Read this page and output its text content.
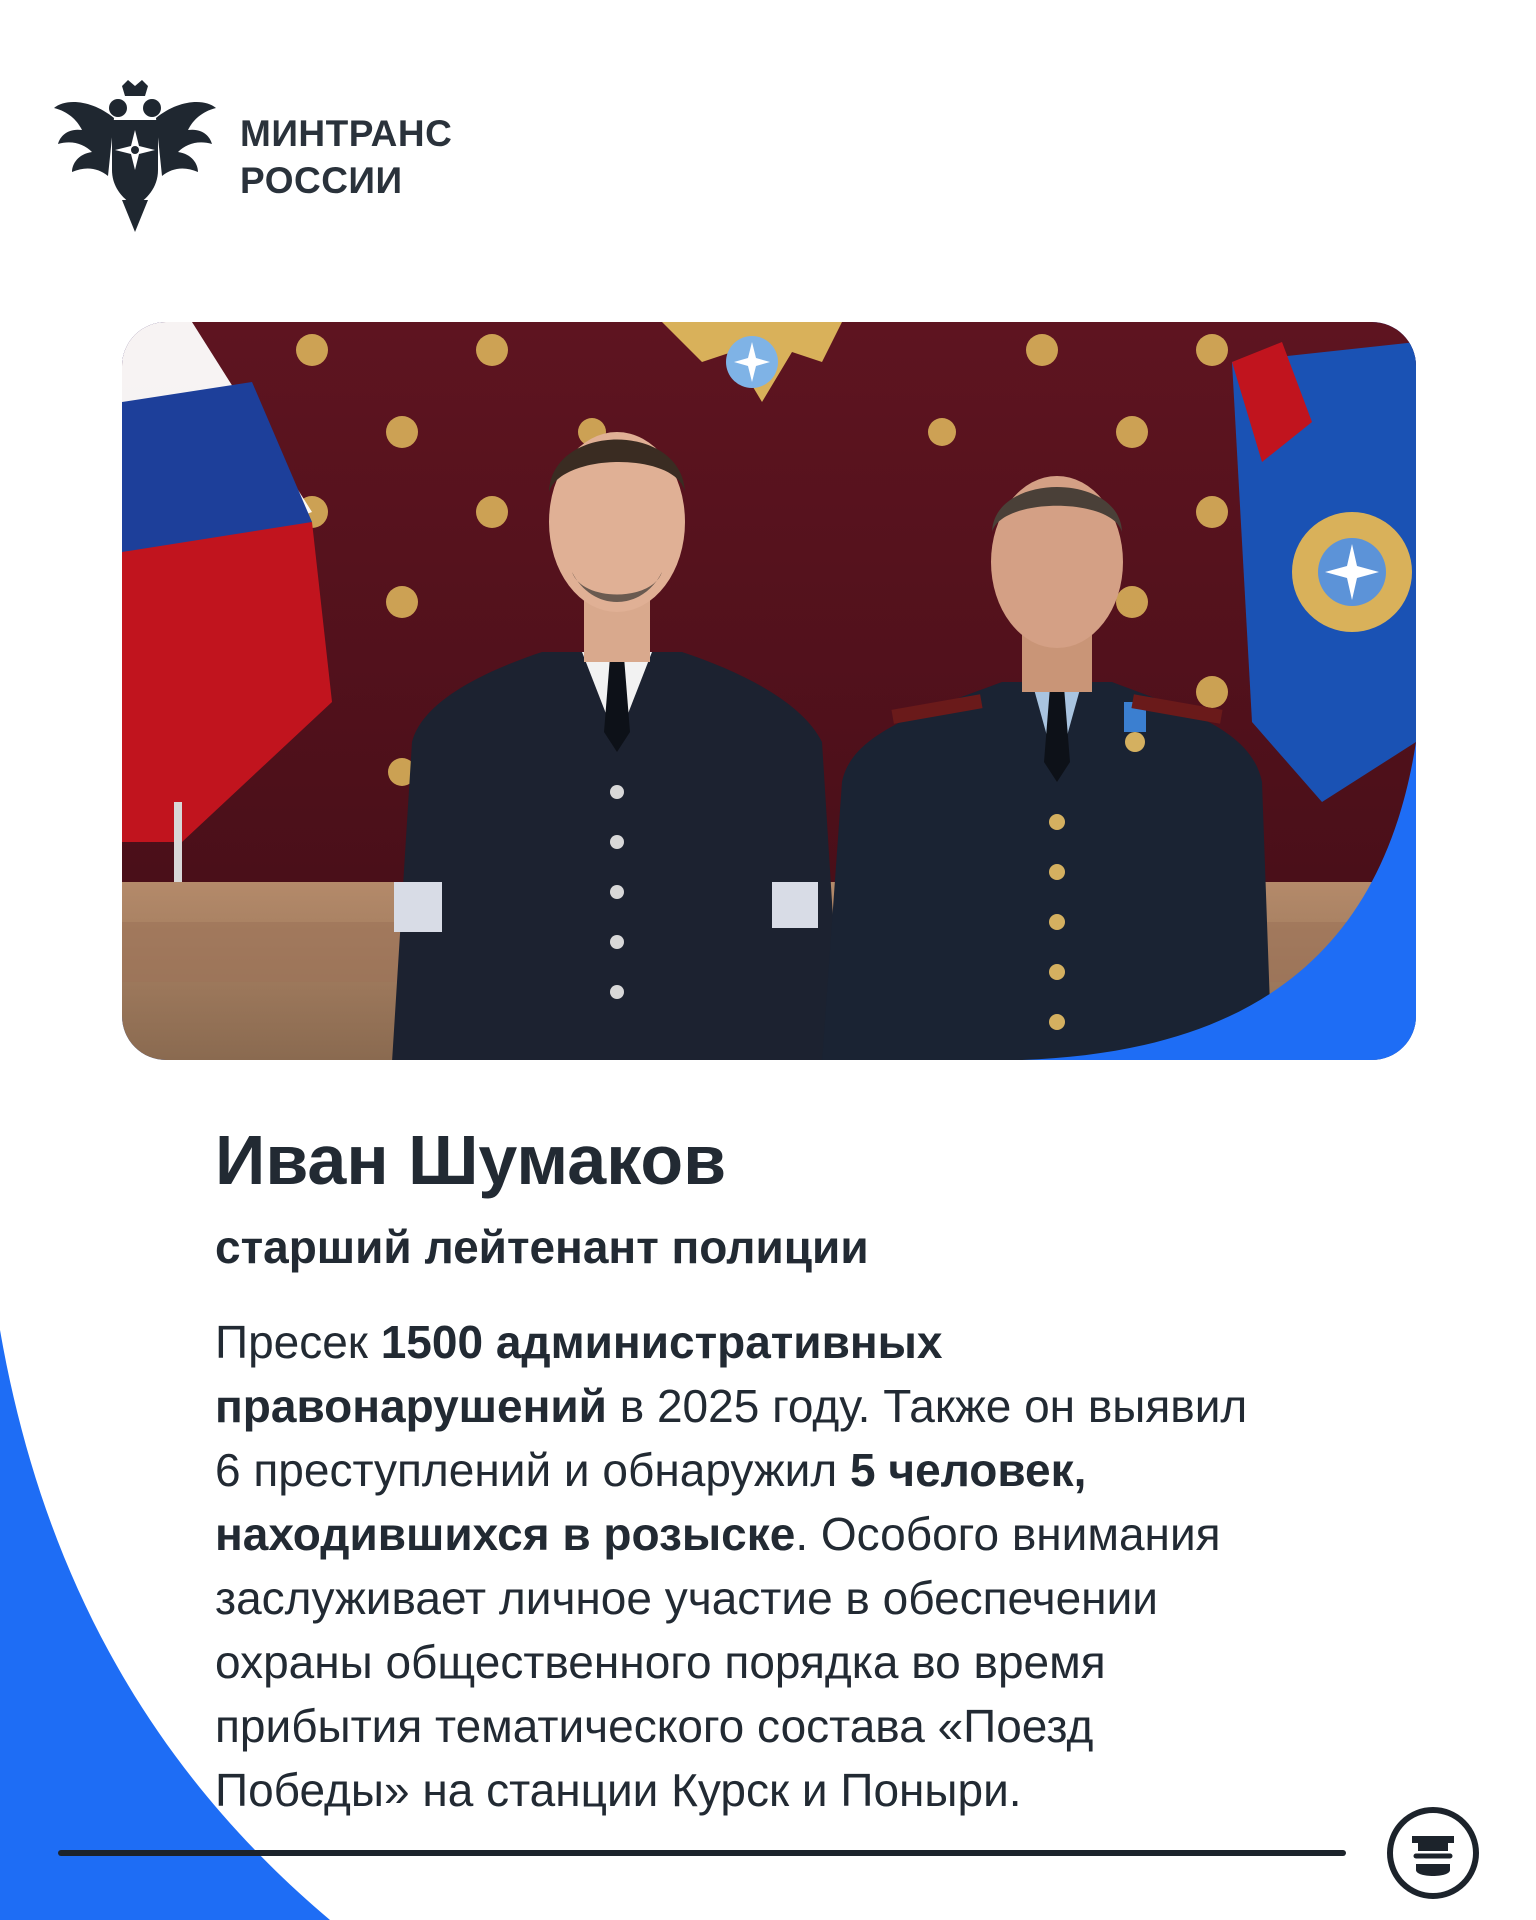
МИНТРАНС
РОССИИ
Иван Шумаков
старший лейтенант полиции
Пресек 1500 административных
правонарушений в 2025 году. Также он выявил
6 преступлений и обнаружил 5 человек,
находившихся в розыске. Особого внимания
заслуживает личное участие в обеспечении
охраны общественного порядка во время
прибытия тематического состава «Поезд
Победы» на станции Курск и Поныри.
